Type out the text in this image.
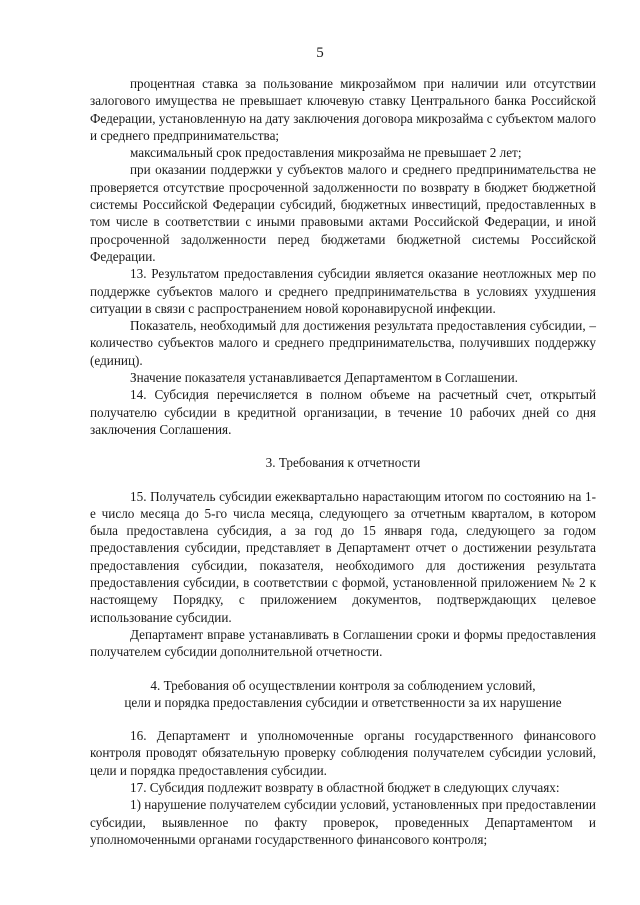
5

процентная ставка за пользование микрозаймом при наличии или отсутствии залогового имущества не превышает ключевую ставку Центрального банка Российской Федерации, установленную на дату заключения договора микрозайма с субъектом малого и среднего предпринимательства;

максимальный срок предоставления микрозайма не превышает 2 лет;

при оказании поддержки у субъектов малого и среднего предпринимательства не проверяется отсутствие просроченной задолженности по возврату в бюджет бюджетной системы Российской Федерации субсидий, бюджетных инвестиций, предоставленных в том числе в соответствии с иными правовыми актами Российской Федерации, и иной просроченной задолженности перед бюджетами бюджетной системы Российской Федерации.

13. Результатом предоставления субсидии является оказание неотложных мер по поддержке субъектов малого и среднего предпринимательства в условиях ухудшения ситуации в связи с распространением новой коронавирусной инфекции.

Показатель, необходимый для достижения результата предоставления субсидии, – количество субъектов малого и среднего предпринимательства, получивших поддержку (единиц).

Значение показателя устанавливается Департаментом в Соглашении.

14. Субсидия перечисляется в полном объеме на расчетный счет, открытый получателю субсидии в кредитной организации, в течение 10 рабочих дней со дня заключения Соглашения.

3. Требования к отчетности

15. Получатель субсидии ежеквартально нарастающим итогом по состоянию на 1-е число месяца до 5-го числа месяца, следующего за отчетным кварталом, в котором была предоставлена субсидия, а за год до 15 января года, следующего за годом предоставления субсидии, представляет в Департамент отчет о достижении результата предоставления субсидии, показателя, необходимого для достижения результата предоставления субсидии, в соответствии с формой, установленной приложением № 2 к настоящему Порядку, с приложением документов, подтверждающих целевое использование субсидии.

Департамент вправе устанавливать в Соглашении сроки и формы предоставления получателем субсидии дополнительной отчетности.

4. Требования об осуществлении контроля за соблюдением условий,

цели и порядка предоставления субсидии и ответственности за их нарушение

16. Департамент и уполномоченные органы государственного финансового контроля проводят обязательную проверку соблюдения получателем субсидии условий, цели и порядка предоставления субсидии.

17. Субсидия подлежит возврату в областной бюджет в следующих случаях:

1) нарушение получателем субсидии условий, установленных при предоставлении субсидии, выявленное по факту проверок, проведенных Департаментом и уполномоченными органами государственного финансового контроля;
